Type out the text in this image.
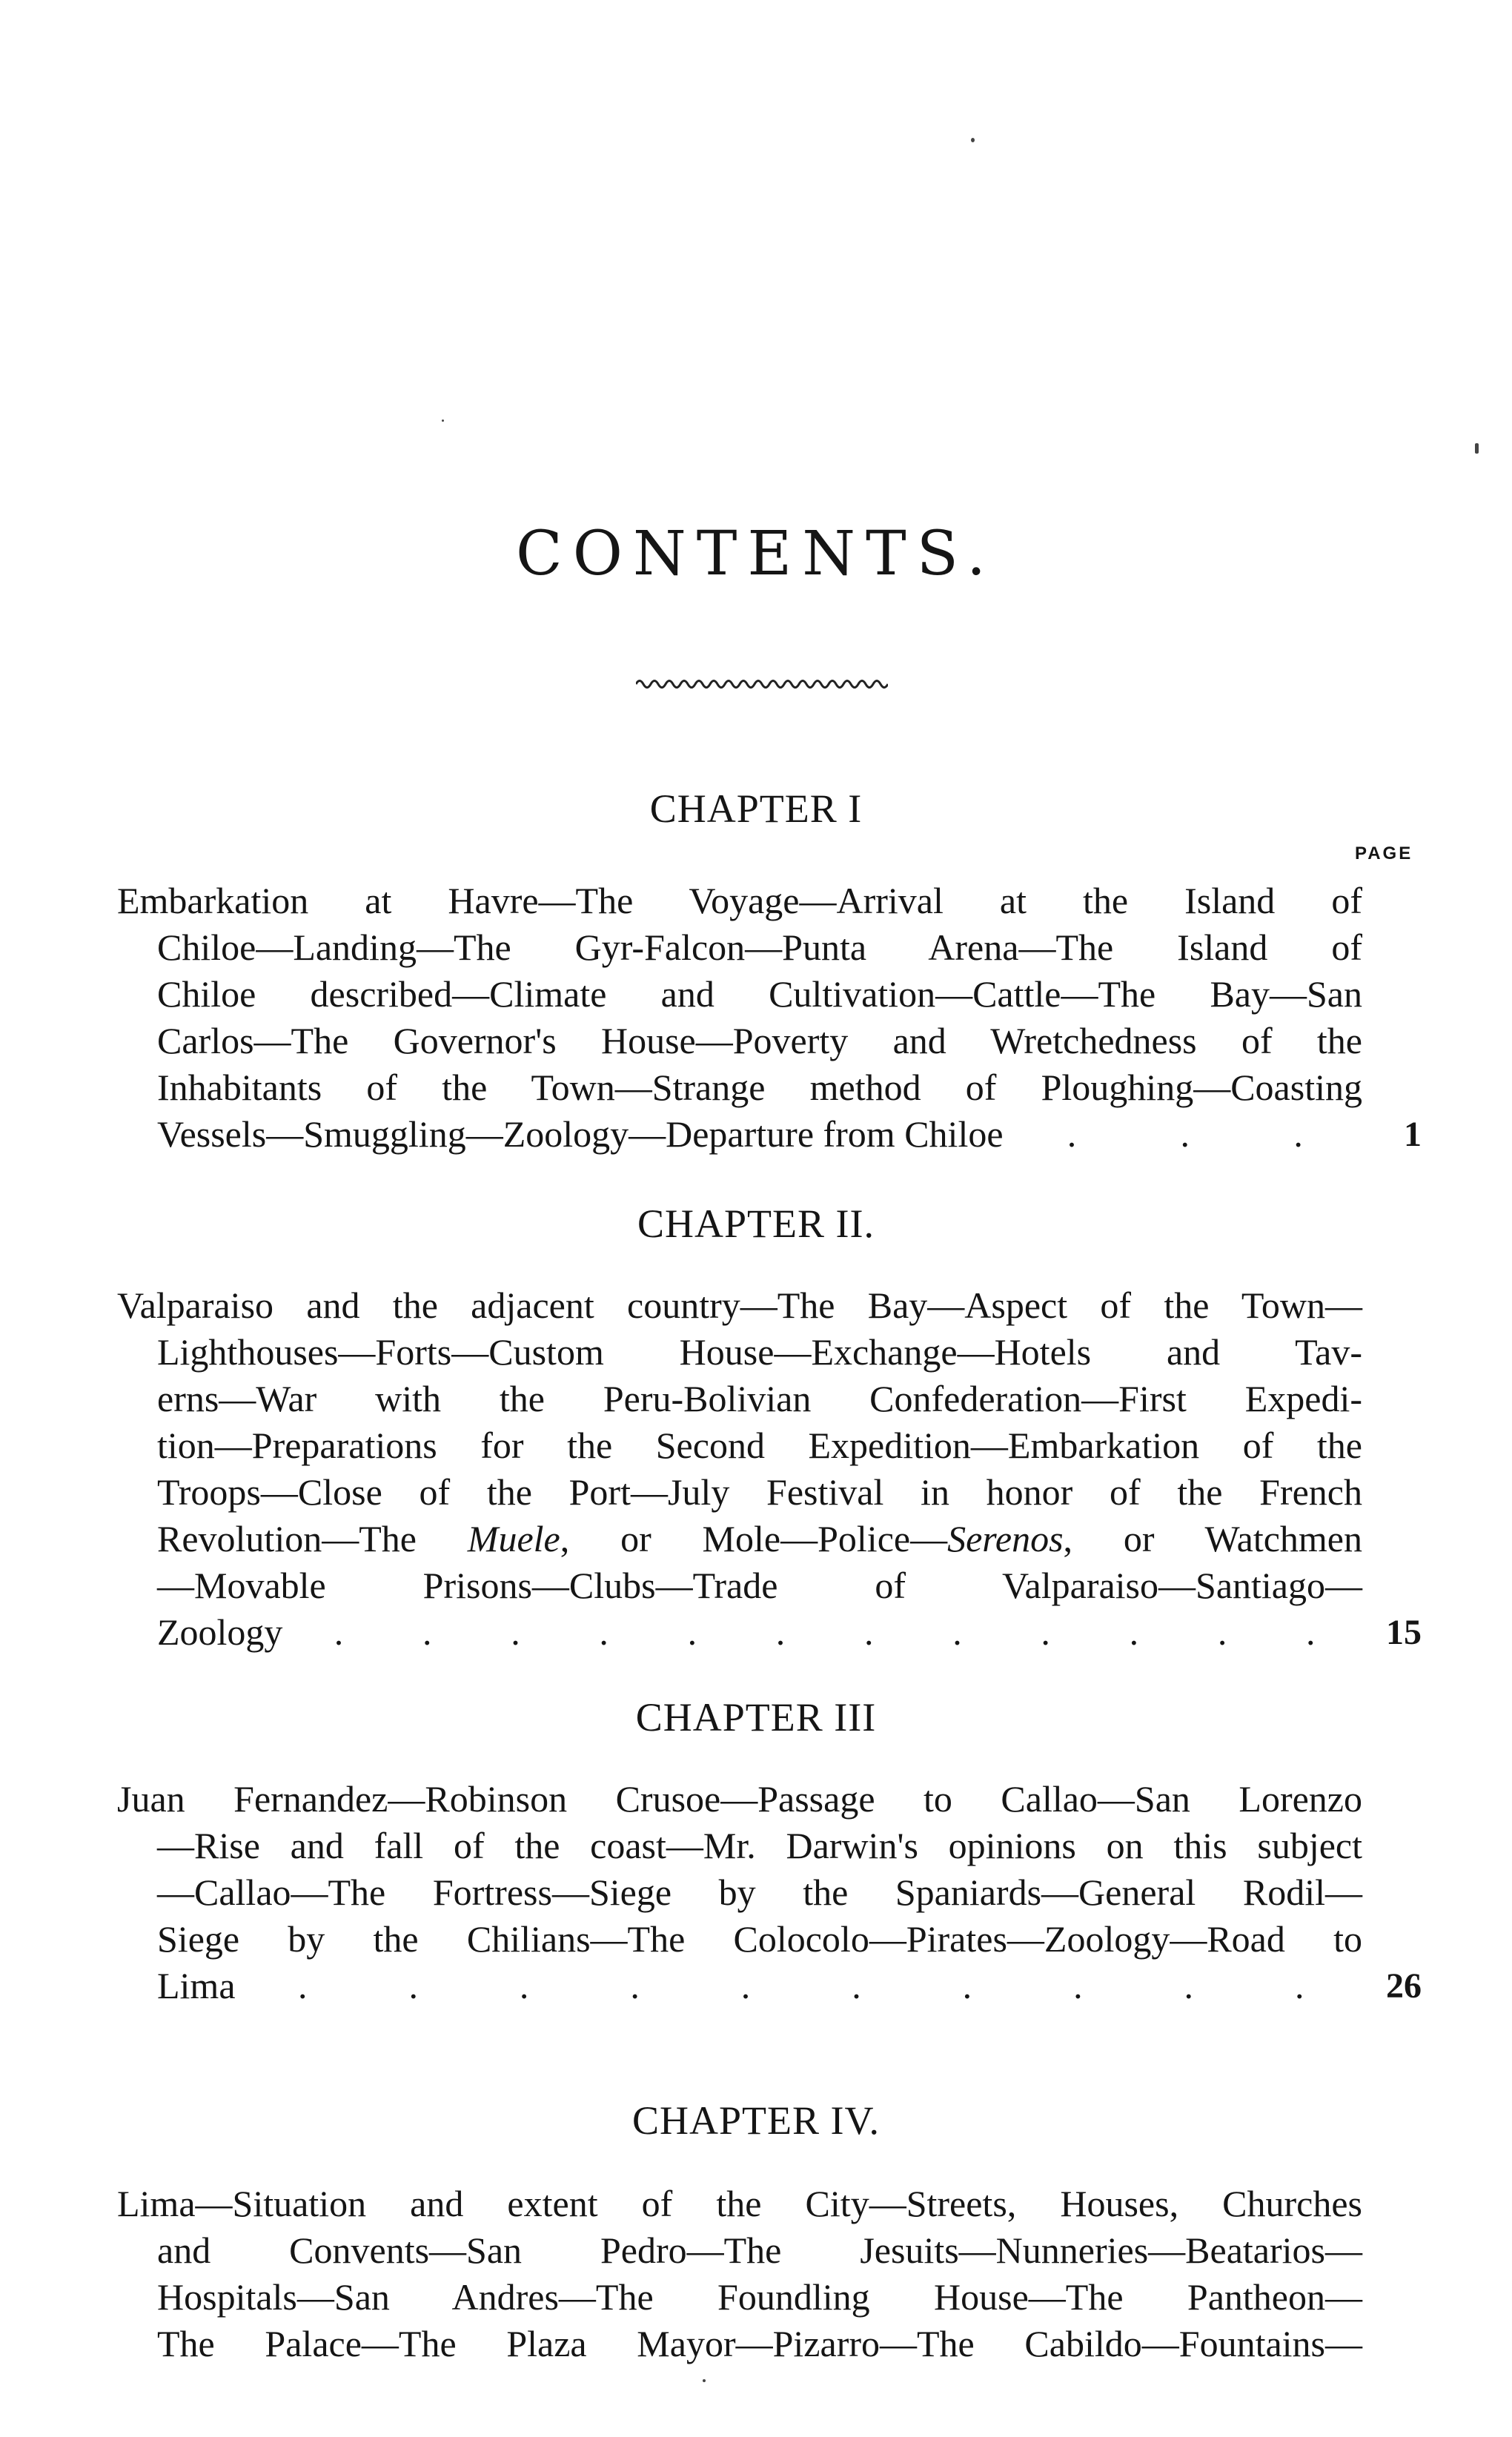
CONTENTS.
CHAPTER I
PAGE
Embarkation at Havre—The Voyage—Arrival at the Island of
Chiloe—Landing—The Gyr-Falcon—Punta Arena—The Island of
Chiloe described—Climate and Cultivation—Cattle—The Bay—San
Carlos—The Governor's House—Poverty and Wretchedness of the
Inhabitants of the Town—Strange method of Ploughing—Coasting
Vessels—Smuggling—Zoology—Departure from Chiloe .	.	.	1
CHAPTER II.
Valparaiso and the adjacent country—The Bay—Aspect of the Town—
Lighthouses—Forts—Custom House—Exchange—Hotels and Tav-
erns—War with the Peru-Bolivian Confederation—First Expedi-
tion—Preparations for the Second Expedition—Embarkation of the
Troops—Close of the Port—July Festival in honor of the French
Revolution—The Muele, or Mole—Police—Serenos, or Watchmen
—Movable Prisons—Clubs—Trade of Valparaiso—Santiago—
Zoology . . . . . . . . . . . . 15
CHAPTER III
Juan Fernandez—Robinson Crusoe—Passage to Callao—San Lorenzo
—Rise and fall of the coast—Mr. Darwin's opinions on this subject
—Callao—The Fortress—Siege by the Spaniards—General Rodil—
Siege by the Chilians—The Colocolo—Pirates—Zoology—Road to
Lima .	.	.	.	.	.	.	.	.	. 26
CHAPTER IV.
Lima—Situation and extent of the City—Streets, Houses, Churches
and Convents—San Pedro—The Jesuits—Nunneries—Beatarios—
Hospitals—San Andres—The Foundling House—The Pantheon—
The Palace—The Plaza Mayor—Pizarro—The Cabildo—Fountains—
